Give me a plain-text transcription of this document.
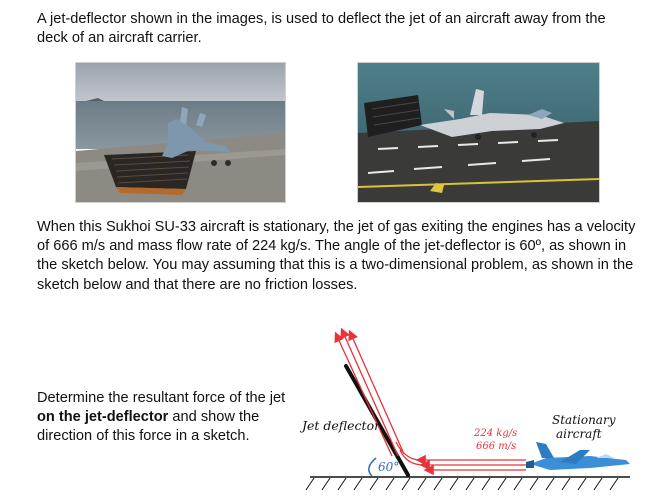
A jet-deflector shown in the images, is used to deflect the jet of an aircraft away from the deck of an aircraft carrier.

When this Sukhoi SU-33 aircraft is stationary, the jet of gas exiting the engines has a velocity of 666 m/s and mass flow rate of 224 kg/s. The angle of the jet-deflector is 60º, as shown in the sketch below. You may assuming that this is a two-dimensional problem, as shown in the sketch below and that there are no friction losses.

Determine the resultant force of the jet on the jet-deflector and show the direction of this force in a sketch.

60°
Jet deflector
224 kg/s
666 m/s
Stationary
aircraft
